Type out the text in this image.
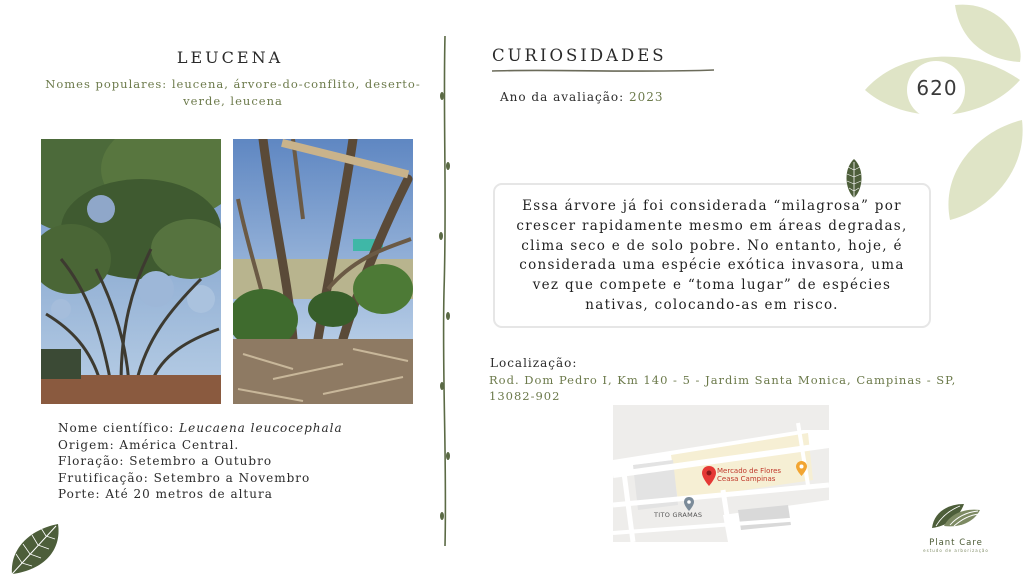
LEUCENA
Nomes populares: leucena, árvore-do-conflito, deserto-
verde, leucena
Nome científico: Leucaena leucocephala
Origem: América Central.
Floração: Setembro a Outubro
Frutificação: Setembro a Novembro
Porte: Até 20 metros de altura
CURIOSIDADES
Ano da avaliação: 2023	620
Essa árvore já foi considerada “milagrosa” por
crescer rapidamente mesmo em áreas degradas,
clima seco e de solo pobre. No entanto, hoje, é
considerada uma espécie exótica invasora, uma
vez que compete e “toma lugar” de espécies
nativas, colocando-as em risco.
Localização:
Rod. Dom Pedro I, Km 140 - 5 - Jardim Santa Monica, Campinas - SP,
13082-902
Mercado de Flores
Ceasa Campinas
TITO GRAMAS
Plant Care
estudo de arborização
